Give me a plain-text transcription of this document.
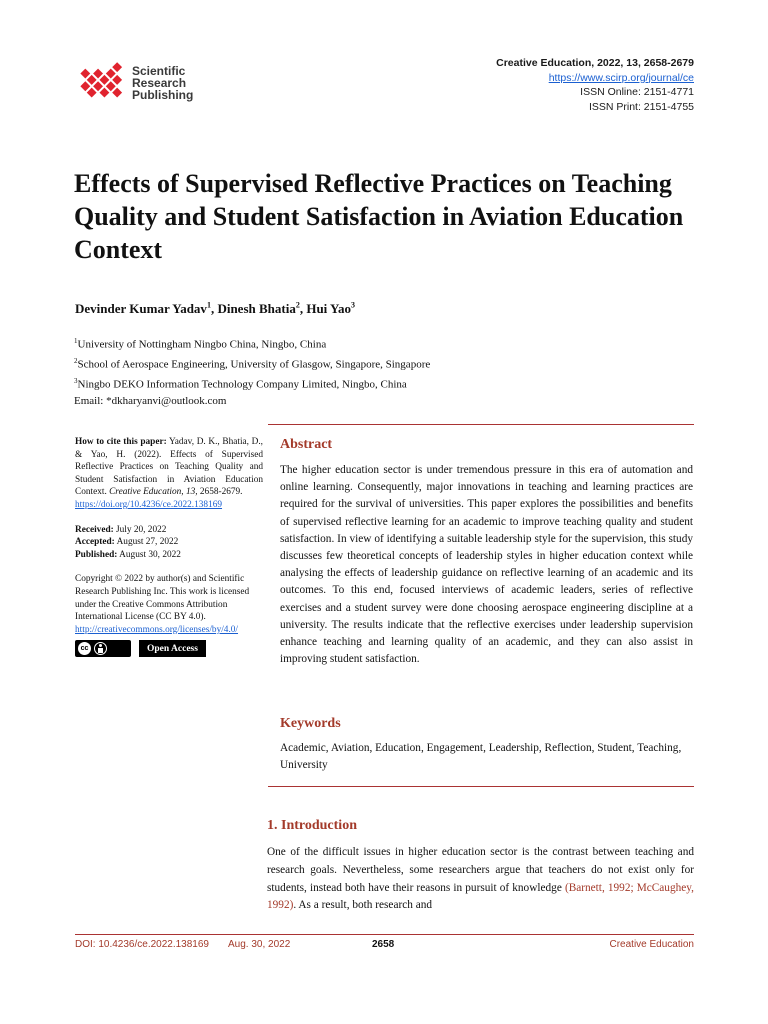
Scientific
Research
Publishing
Creative Education, 2022, 13, 2658-2679
https://www.scirp.org/journal/ce
ISSN Online: 2151-4771
ISSN Print: 2151-4755
Effects of Supervised Reflective Practices on Teaching Quality and Student Satisfaction in Aviation Education Context
Devinder Kumar Yadav$^1$, Dinesh Bhatia$^2$, Hui Yao$^3$
$^1$University of Nottingham Ningbo China, Ningbo, China
$^2$School of Aerospace Engineering, University of Glasgow, Singapore, Singapore
$^3$Ningbo DEKO Information Technology Company Limited, Ningbo, China
Email: *dkharyanvi@outlook.com
How to cite this paper: Yadav, D. K., Bhatia, D., & Yao, H. (2022). Effects of Supervised Reflective Practices on Teaching Quality and Student Satisfaction in Aviation Education Context. Creative Education, 13, 2658-2679.
https://doi.org/10.4236/ce.2022.138169
Received: July 20, 2022
Accepted: August 27, 2022
Published: August 30, 2022
Copyright © 2022 by author(s) and Scientific Research Publishing Inc. This work is licensed under the Creative Commons Attribution International License (CC BY 4.0).
http://creativecommons.org/licenses/by/4.0/
cc	Open Access
Abstract

The higher education sector is under tremendous pressure in this era of automation and online learning. Consequently, major innovations in teaching and learning practices are required for the survival of universities. This paper explores the possibilities and benefits of supervised reflective learning for an academic to improve teaching quality and student satisfaction. In view of identifying a suitable leadership style for the supervision, this study discusses few theoretical concepts of leadership styles in higher education context while analysing the effects of leadership guidance on reflective learning of an academic and its outcomes. To this end, focused interviews of academic leaders, series of reflective exercises and a student survey were done choosing aerospace engineering discipline at a university. The results indicate that the reflective exercises under leadership supervision enhance teaching and learning quality of an academic, and they can also assist in improving student satisfaction.

Keywords

Academic, Aviation, Education, Engagement, Leadership, Reflection, Student, Teaching, University

1. Introduction

One of the difficult issues in higher education sector is the contrast between teaching and research goals. Nevertheless, some researchers argue that teachers do not exist only for students, instead both have their reasons in pursuit of knowledge (Barnett, 1992; McCaughey, 1992). As a result, both research and

DOI: 10.4236/ce.2022.138169 Aug. 30, 2022	2658	Creative Education
